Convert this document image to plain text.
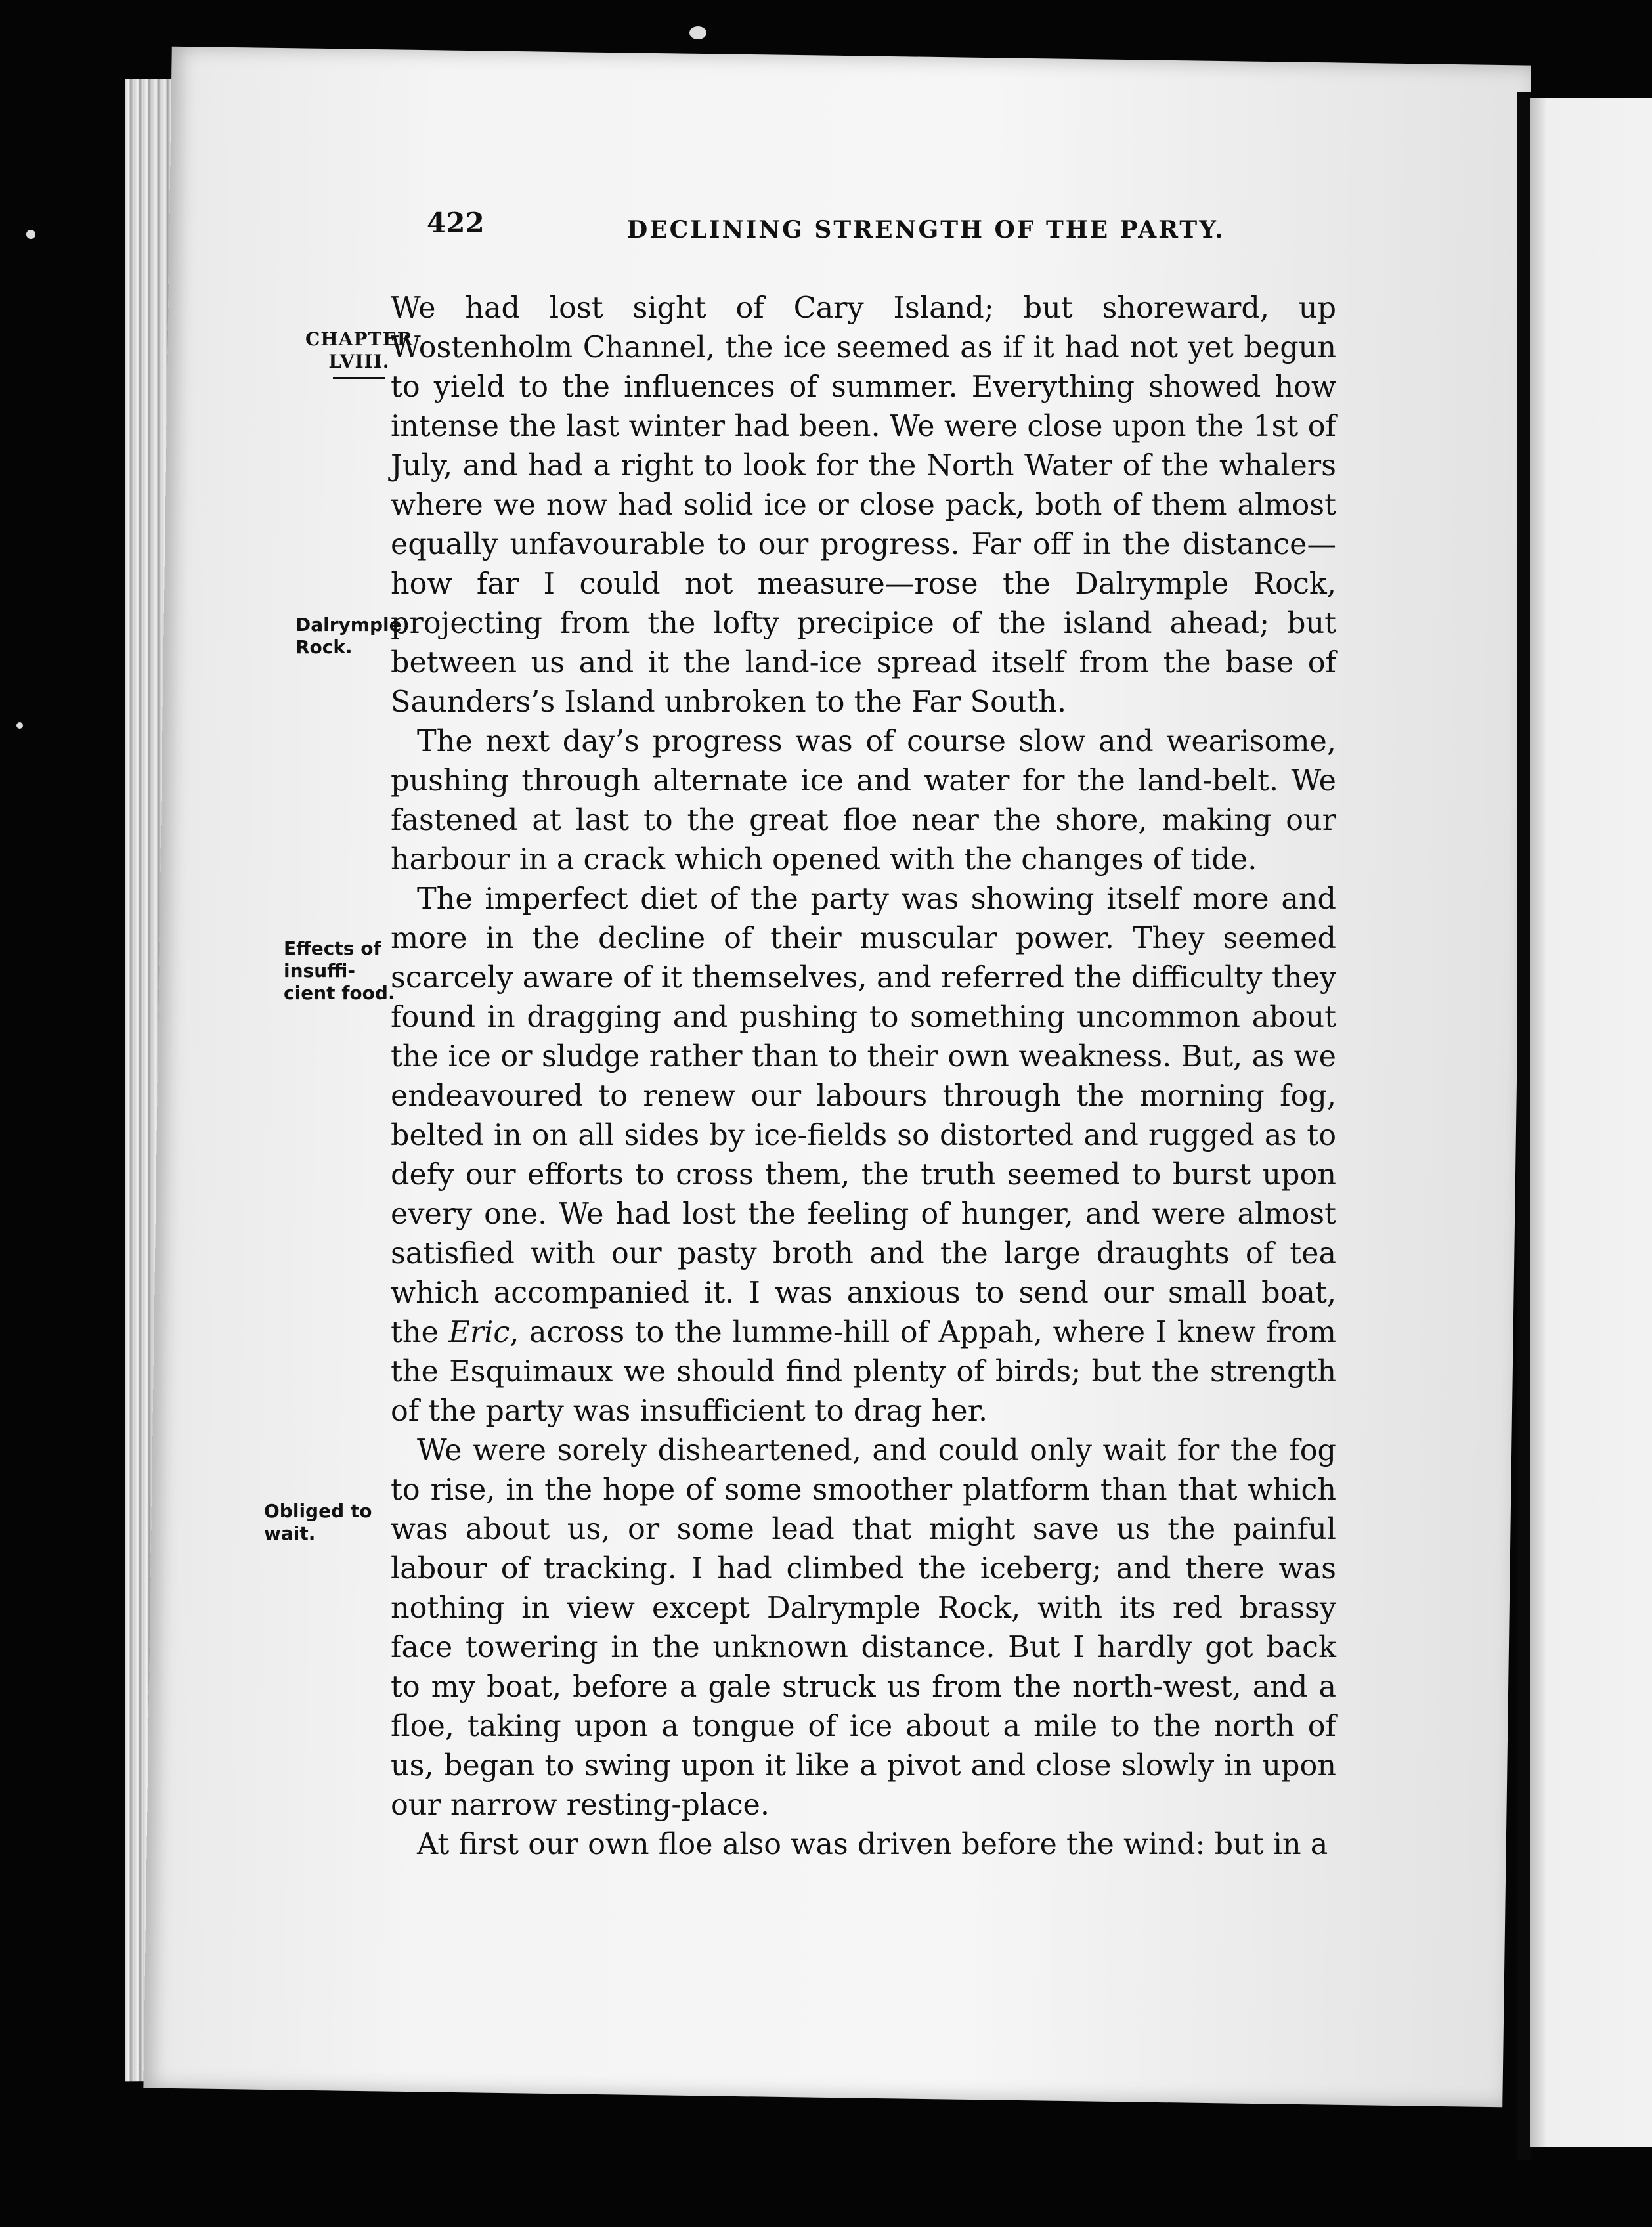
422	DECLINING STRENGTH OF THE PARTY.
CHAPTER
LVIII.
Dalrymple
Rock.
Effects of
insuffi-
cient food.
Obliged to
wait.

We had lost sight of Cary Island; but shoreward, up Wostenholm Channel, the ice seemed as if it had not yet begun to yield to the influences of summer. Everything showed how intense the last winter had been. We were close upon the 1st of July, and had a right to look for the North Water of the whalers where we now had solid ice or close pack, both of them almost equally unfavourable to our progress. Far off in the distance—how far I could not measure—rose the Dalrymple Rock, projecting from the lofty precipice of the island ahead; but between us and it the land-ice spread itself from the base of Saunders’s Island unbroken to the Far South.

The next day’s progress was of course slow and wearisome, pushing through alternate ice and water for the land-belt. We fastened at last to the great floe near the shore, making our harbour in a crack which opened with the changes of tide.

The imperfect diet of the party was showing itself more and more in the decline of their muscular power. They seemed scarcely aware of it themselves, and referred the difficulty they found in dragging and pushing to something uncommon about the ice or sludge rather than to their own weakness. But, as we endeavoured to renew our labours through the morning fog, belted in on all sides by ice-fields so distorted and rugged as to defy our efforts to cross them, the truth seemed to burst upon every one. We had lost the feeling of hunger, and were almost satisfied with our pasty broth and the large draughts of tea which accompanied it. I was anxious to send our small boat, the Eric, across to the lumme-hill of Appah, where I knew from the Esquimaux we should find plenty of birds; but the strength of the party was insufficient to drag her.

We were sorely disheartened, and could only wait for the fog to rise, in the hope of some smoother platform than that which was about us, or some lead that might save us the painful labour of tracking. I had climbed the iceberg; and there was nothing in view except Dalrymple Rock, with its red brassy face towering in the unknown distance. But I hardly got back to my boat, before a gale struck us from the north-west, and a floe, taking upon a tongue of ice about a mile to the north of us, began to swing upon it like a pivot and close slowly in upon our narrow resting-place.

At first our own floe also was driven before the wind: but in a
